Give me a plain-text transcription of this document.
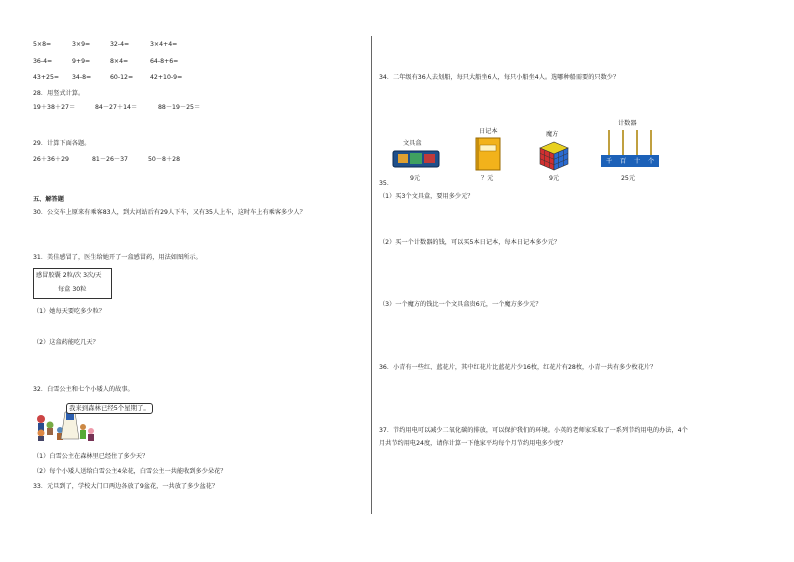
5×8=	3×9=	32-4=	3×4+4=
36-4=	9+9=	8×4=	64-8+6=
43+25= 34-8=	60-12=	42+10-9=
28．用竖式计算。
19＋38＋27＝	84－27＋14＝	88－19－25＝
29．计算下面各题。
26＋36＋29	81－26－37	50－8＋28
五、解答题
30．公交车上原来有乘客83人，到大河站后有29人下车，又有35人上车，这时车上有乘客多少人？
31．美佳感冒了，医生给她开了一盒感冒药，用法如图所示。
感冒胶囊 2粒/次 3次/天
每盒 30粒
（1）她每天要吃多少粒？
（2）这盒药能吃几天？
32．白雪公主和七个小矮人的故事。
我来到森林已经5个星期了。
（1）白雪公主在森林里已经住了多少天？
（2）每个小矮人送给白雪公主4朵花，白雪公主一共能收到多少朵花？
33．元旦到了，学校大门口两边各放了9盆花，一共放了多少盆花？
34．二年级有36人去划船，每只大船坐6人，每只小船坐4人。选哪种船需要的只数少？
文具盒
9元
日记本
？元
魔方
9元
计数器
千 百 十 个
25元
35．
（1）买3个文具盒，要用多少元？
（2）买一个计数器的钱，可以买5本日记本，每本日记本多少元？
（3）一个魔方的钱比一个文具盒贵6元，一个魔方多少元？
36．小青有一些红、蓝花片，其中红花片比蓝花片少16枚，红花片有28枚，小青一共有多少枚花片？
37．节约用电可以减少二氧化碳的排放，可以保护我们的环境。小英的老师家采取了一系列节约用电的办法，4个
月共节约用电24度，请你计算一下他家平均每个月节约用电多少度？
